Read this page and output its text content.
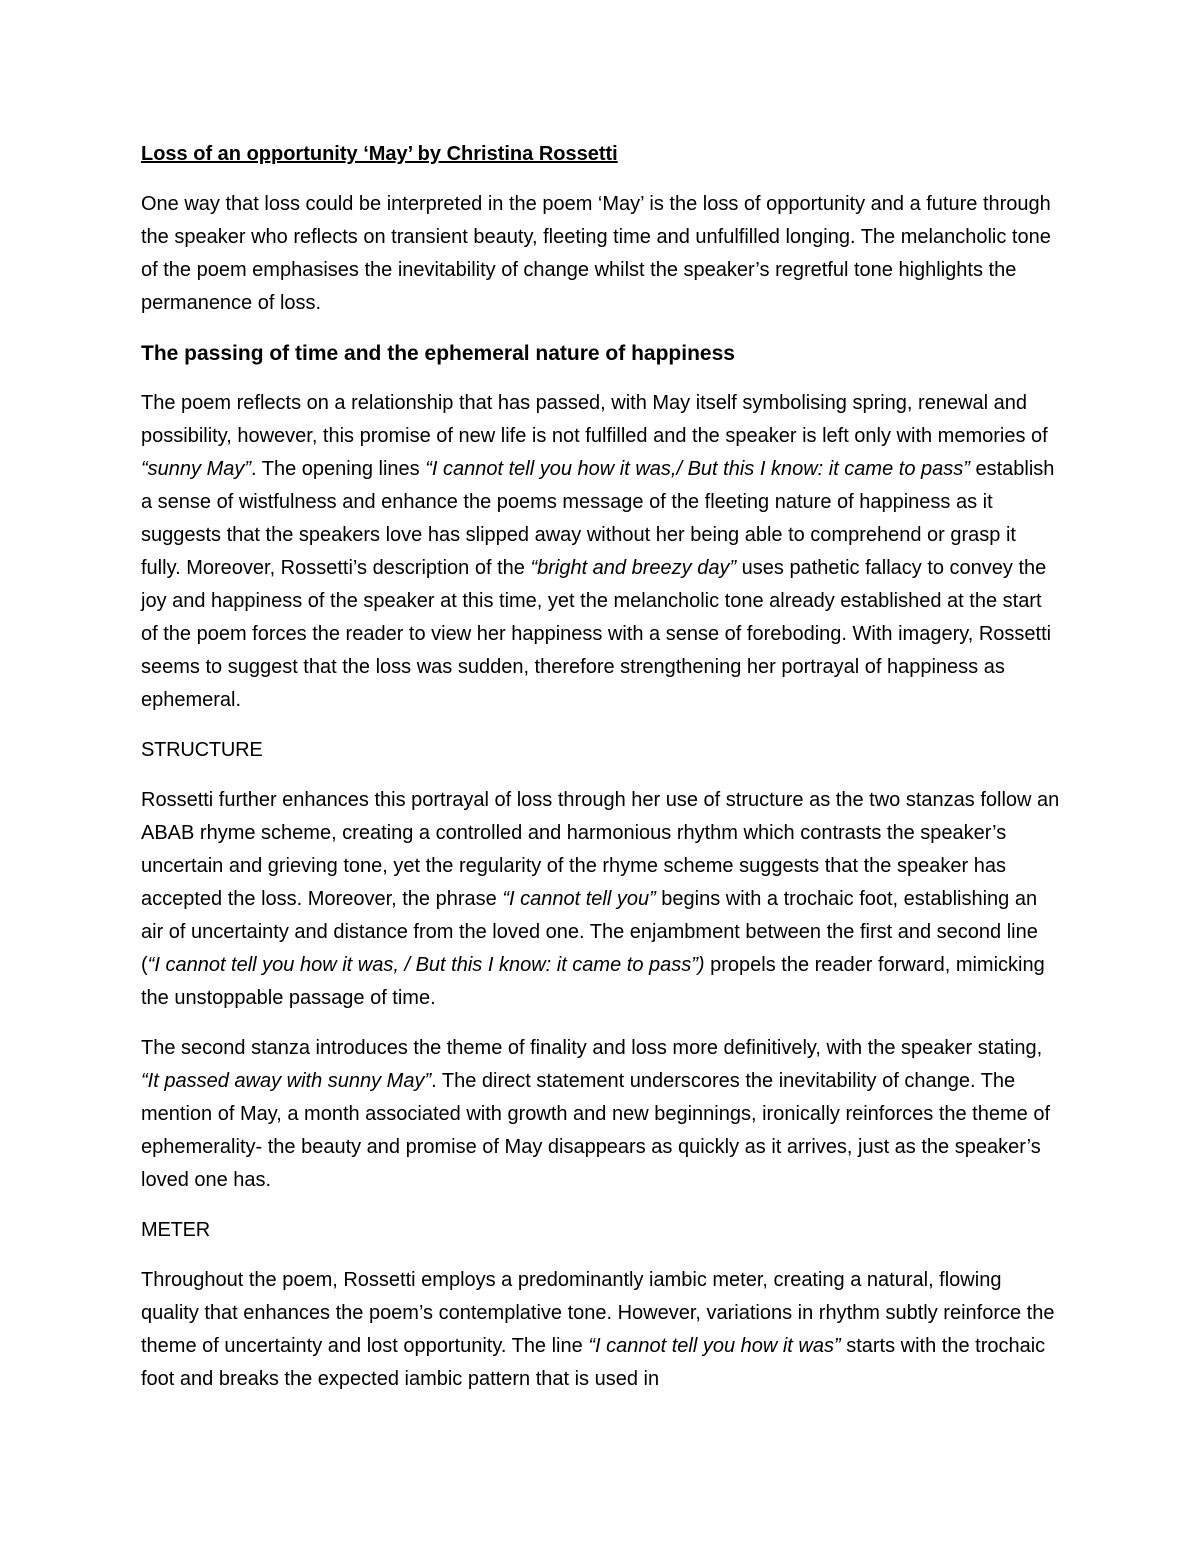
Loss of an opportunity ‘May’ by Christina Rossetti

One way that loss could be interpreted in the poem ‘May’ is the loss of opportunity and a future through the speaker who reflects on transient beauty, fleeting time and unfulfilled longing. The melancholic tone of the poem emphasises the inevitability of change whilst the speaker’s regretful tone highlights the permanence of loss.

The passing of time and the ephemeral nature of happiness

The poem reflects on a relationship that has passed, with May itself symbolising spring, renewal and possibility, however, this promise of new life is not fulfilled and the speaker is left only with memories of “sunny May”. The opening lines “I cannot tell you how it was,/ But this I know: it came to pass” establish a sense of wistfulness and enhance the poems message of the fleeting nature of happiness as it suggests that the speakers love has slipped away without her being able to comprehend or grasp it fully. Moreover, Rossetti’s description of the “bright and breezy day” uses pathetic fallacy to convey the joy and happiness of the speaker at this time, yet the melancholic tone already established at the start of the poem forces the reader to view her happiness with a sense of foreboding. With imagery, Rossetti seems to suggest that the loss was sudden, therefore strengthening her portrayal of happiness as ephemeral.

STRUCTURE

Rossetti further enhances this portrayal of loss through her use of structure as the two stanzas follow an ABAB rhyme scheme, creating a controlled and harmonious rhythm which contrasts the speaker’s uncertain and grieving tone, yet the regularity of the rhyme scheme suggests that the speaker has accepted the loss. Moreover, the phrase “I cannot tell you” begins with a trochaic foot, establishing an air of uncertainty and distance from the loved one. The enjambment between the first and second line (“I cannot tell you how it was, / But this I know: it came to pass”) propels the reader forward, mimicking the unstoppable passage of time.

The second stanza introduces the theme of finality and loss more definitively, with the speaker stating, “It passed away with sunny May”. The direct statement underscores the inevitability of change. The mention of May, a month associated with growth and new beginnings, ironically reinforces the theme of ephemerality- the beauty and promise of May disappears as quickly as it arrives, just as the speaker’s loved one has.

METER

Throughout the poem, Rossetti employs a predominantly iambic meter, creating a natural, flowing quality that enhances the poem’s contemplative tone. However, variations in rhythm subtly reinforce the theme of uncertainty and lost opportunity. The line “I cannot tell you how it was” starts with the trochaic foot and breaks the expected iambic pattern that is used in
